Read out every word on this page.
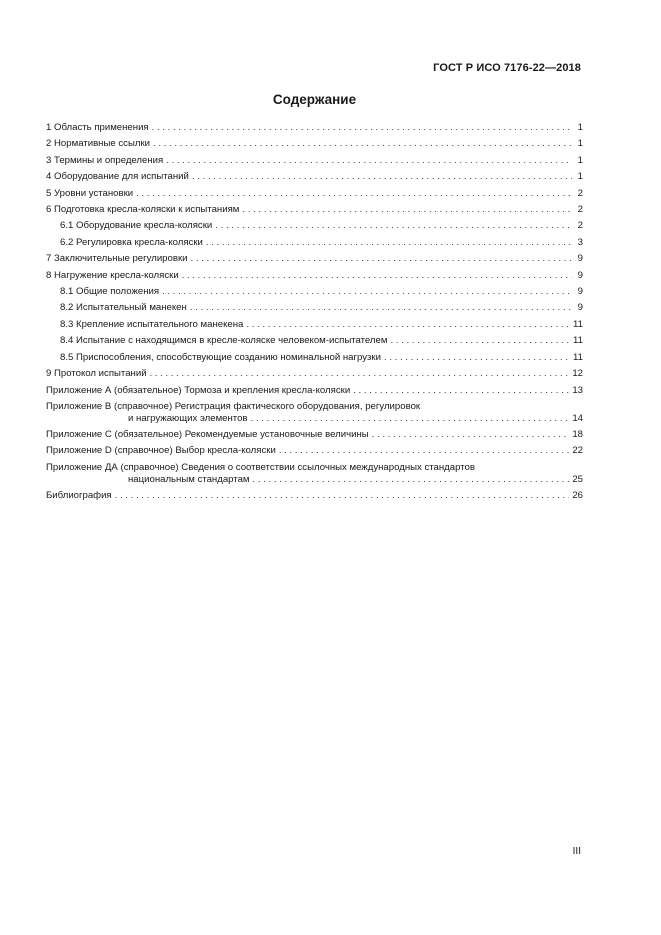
ГОСТ Р ИСО 7176-22—2018
Содержание
1 Область применения . . .	1
2 Нормативные ссылки . . .	1
3 Термины и определения . . .	1
4 Оборудование для испытаний . . .	1
5 Уровни установки . . .	2
6 Подготовка кресла-коляски к испытаниям . . .	2
6.1 Оборудование кресла-коляски . . .	2
6.2 Регулировка кресла-коляски . . .	3
7 Заключительные регулировки . . .	9
8 Нагружение кресла-коляски . . .	9
8.1 Общие положения . . .	9
8.2 Испытательный манекен . . .	9
8.3 Крепление испытательного манекена . . .	11
8.4 Испытание с находящимся в кресле-коляске человеком-испытателем . . .	11
8.5 Приспособления, способствующие созданию номинальной нагрузки . . .	11
9 Протокол испытаний . . .	12
Приложение А (обязательное) Тормоза и крепления кресла-коляски . . .	13
Приложение В (справочное) Регистрация фактического оборудования, регулировок
и нагружающих элементов . . .	14
Приложение С (обязательное) Рекомендуемые установочные величины . . .	18
Приложение D (справочное) Выбор кресла-коляски . . .	22
Приложение ДА (справочное) Сведения о соответствии ссылочных международных стандартов
национальным стандартам . . .	25
Библиография . . .	26
III
